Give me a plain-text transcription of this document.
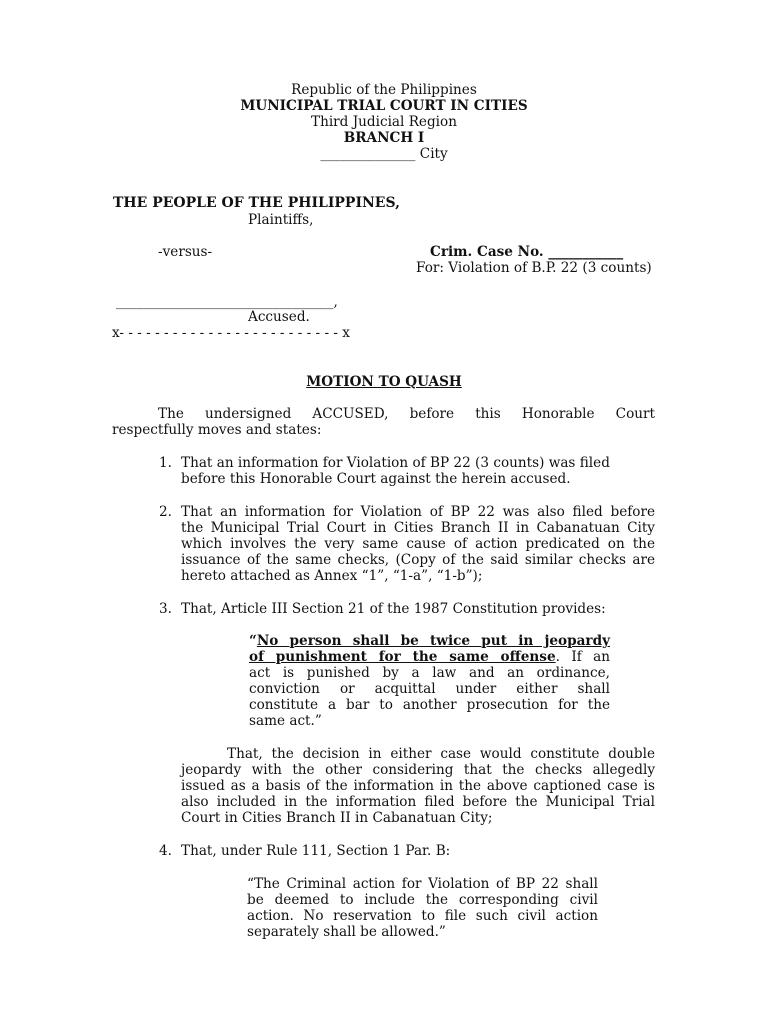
Republic of the Philippines
MUNICIPAL TRIAL COURT IN CITIES
Third Judicial Region
BRANCH I
______________ City
THE PEOPLE OF THE PHILIPPINES,
Plaintiffs,
-versus-	Crim. Case No. ___________
For: Violation of B.P. 22 (3 counts)
________________________________,
Accused.
x- - - - - - - - - - - - - - - - - - - - - - - - - x
MOTION TO QUASH
The undersigned ACCUSED, before this Honorable Court
respectfully moves and states:
1. That an information for Violation of BP 22 (3 counts) was filed
before this Honorable Court against the herein accused.
2. That an information for Violation of BP 22 was also filed before
the Municipal Trial Court in Cities Branch II in Cabanatuan City
which involves the very same cause of action predicated on the
issuance of the same checks, (Copy of the said similar checks are
hereto attached as Annex “1”, “1-a”, “1-b”);
3. That, Article III Section 21 of the 1987 Constitution provides:
“No person shall be twice put in jeopardy
of punishment for the same offense. If an
act is punished by a law and an ordinance,
conviction or acquittal under either shall
constitute a bar to another prosecution for the
same act.”
That, the decision in either case would constitute double
jeopardy with the other considering that the checks allegedly
issued as a basis of the information in the above captioned case is
also included in the information filed before the Municipal Trial
Court in Cities Branch II in Cabanatuan City;
4. That, under Rule 111, Section 1 Par. B:
“The Criminal action for Violation of BP 22 shall
be deemed to include the corresponding civil
action. No reservation to file such civil action
separately shall be allowed.”
